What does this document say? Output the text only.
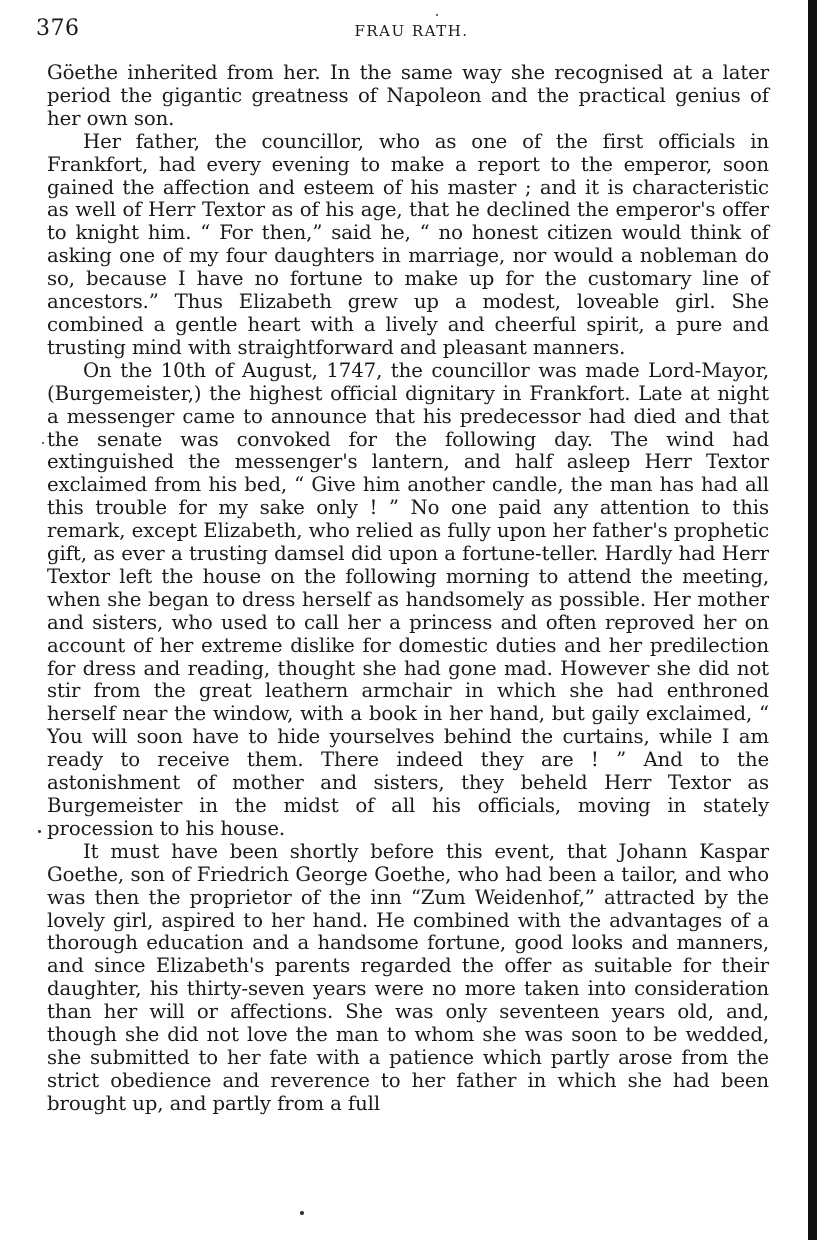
376	FRAU RATH.

Göethe inherited from her. In the same way she recognised at a later period the gigantic greatness of Napoleon and the practical genius of her own son.

Her father, the councillor, who as one of the first officials in Frankfort, had every evening to make a report to the emperor, soon gained the affection and esteem of his master ; and it is characteristic as well of Herr Textor as of his age, that he declined the emperor's offer to knight him. “ For then,” said he, “ no honest citizen would think of asking one of my four daughters in marriage, nor would a nobleman do so, because I have no fortune to make up for the customary line of ancestors.” Thus Elizabeth grew up a modest, loveable girl. She combined a gentle heart with a lively and cheerful spirit, a pure and trusting mind with straightforward and pleasant manners.

On the 10th of August, 1747, the councillor was made Lord-Mayor, (Burgemeister,) the highest official dignitary in Frankfort. Late at night a messenger came to announce that his predecessor had died and that the senate was convoked for the following day. The wind had extinguished the messenger's lantern, and half asleep Herr Textor exclaimed from his bed, “ Give him another candle, the man has had all this trouble for my sake only ! ” No one paid any attention to this remark, except Elizabeth, who relied as fully upon her father's prophetic gift, as ever a trusting damsel did upon a fortune-teller. Hardly had Herr Textor left the house on the following morning to attend the meeting, when she began to dress herself as handsomely as possible. Her mother and sisters, who used to call her a princess and often reproved her on account of her extreme dislike for domestic duties and her predilection for dress and reading, thought she had gone mad. However she did not stir from the great leathern armchair in which she had enthroned herself near the window, with a book in her hand, but gaily exclaimed, “ You will soon have to hide yourselves behind the curtains, while I am ready to receive them. There indeed they are ! ” And to the astonishment of mother and sisters, they beheld Herr Textor as Burgemeister in the midst of all his officials, moving in stately procession to his house.

It must have been shortly before this event, that Johann Kaspar Goethe, son of Friedrich George Goethe, who had been a tailor, and who was then the proprietor of the inn “Zum Weidenhof,” attracted by the lovely girl, aspired to her hand. He combined with the advantages of a thorough education and a handsome fortune, good looks and manners, and since Elizabeth's parents regarded the offer as suitable for their daughter, his thirty-seven years were no more taken into consideration than her will or affections. She was only seventeen years old, and, though she did not love the man to whom she was soon to be wedded, she submitted to her fate with a patience which partly arose from the strict obedience and reverence to her father in which she had been brought up, and partly from a full
